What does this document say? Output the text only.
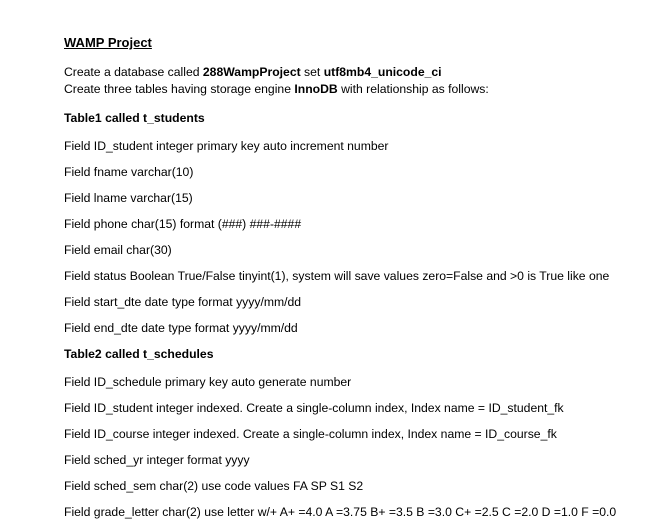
WAMP Project
Create a database called 288WampProject set utf8mb4_unicode_ci
Create three tables having storage engine InnoDB with relationship as follows:
Table1 called t_students
Field ID_student integer primary key auto increment number
Field fname varchar(10)
Field lname varchar(15)
Field phone char(15) format (###) ###-####
Field email char(30)
Field status Boolean True/False tinyint(1), system will save values zero=False and >0 is True like one
Field start_dte date type format yyyy/mm/dd
Field end_dte date type format yyyy/mm/dd
Table2 called t_schedules
Field ID_schedule primary key auto generate number
Field ID_student integer indexed. Create a single-column index, Index name = ID_student_fk
Field ID_course integer indexed. Create a single-column index, Index name = ID_course_fk
Field sched_yr integer format yyyy
Field sched_sem char(2) use code values FA SP S1 S2
Field grade_letter char(2) use letter w/+ A+ =4.0 A =3.75 B+ =3.5 B =3.0 C+ =2.5 C =2.0 D =1.0 F =0.0
